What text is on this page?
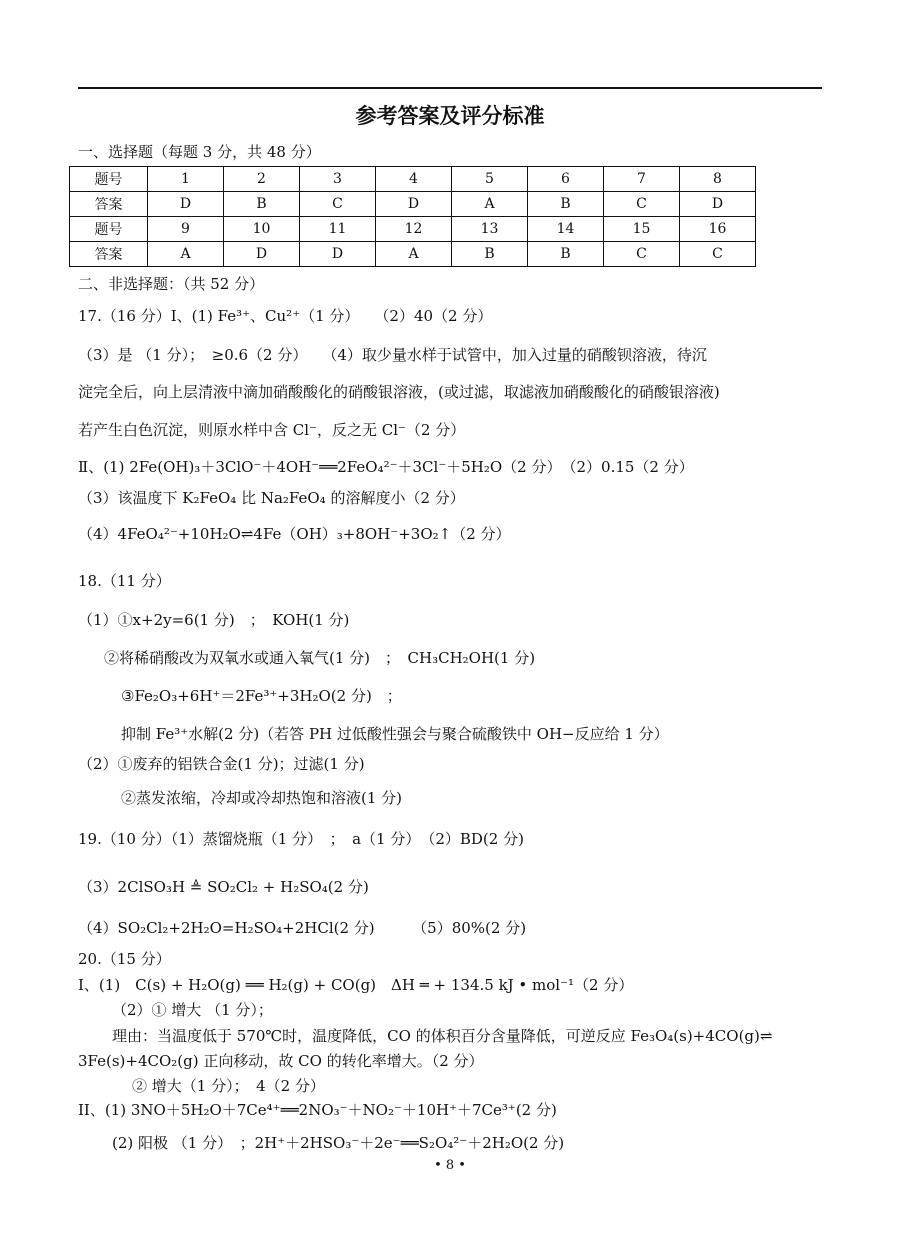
参考答案及评分标准
一、选择题（每题 3 分，共 48 分）
题号	1	2	3	4	5	6	7	8
答案	D	B	C	D	A	B	C	D
题号	9	10	11	12	13	14	15	16
答案	A	D	D	A	B	B	C	C
二、非选择题：（共 52 分）
17.（16 分）Ⅰ、(1) Fe³⁺、Cu²⁺（1 分）　　（2）40（2 分）
（3）是 （1 分）；　≥0.6（2 分）　　（4）取少量水样于试管中，加入过量的硝酸钡溶液，待沉
淀完全后，向上层清液中滴加硝酸酸化的硝酸银溶液，(或过滤，取滤液加硝酸酸化的硝酸银溶液)
若产生白色沉淀，则原水样中含 Cl⁻，反之无 Cl⁻（2 分）
Ⅱ、(1) 2Fe(OH)₃＋3ClO⁻＋4OH⁻══2FeO₄²⁻＋3Cl⁻＋5H₂O（2 分）　（2）0.15（2 分）
（3）该温度下 K₂FeO₄ 比 Na₂FeO₄ 的溶解度小（2 分）
（4）4FeO₄²⁻+10H₂O⇌4Fe（OH）₃+8OH⁻+3O₂↑（2 分）
18.（11 分）
（1）①x+2y=6(1 分)　；　KOH(1 分)
②将稀硝酸改为双氧水或通入氧气(1 分)　；　CH₃CH₂OH(1 分)
③Fe₂O₃+6H⁺＝2Fe³⁺+3H₂O(2 分)　；
抑制 Fe³⁺水解(2 分)（若答 PH 过低酸性强会与聚合硫酸铁中 OH−反应给 1 分）
（2）①废弃的铝铁合金(1 分)；过滤(1 分)
②蒸发浓缩，冷却或冷却热饱和溶液(1 分)
19.（10 分）（1）蒸馏烧瓶（1 分）　；　a（1 分）　（2）BD(2 分)
（3）2ClSO₃H ≜ SO₂Cl₂ + H₂SO₄(2 分)
（4）SO₂Cl₂+2H₂O=H₂SO₄+2HCl(2 分)　　　（5）80%(2 分)
20.（15 分）
I、(1)　C(s) + H₂O(g) ══ H₂(g) + CO(g)　ΔH ═ + 134.5 kJ • mol⁻¹（2 分）
（2）① 增大 （1 分）；
理由：当温度低于 570℃时，温度降低，CO 的体积百分含量降低，可逆反应 Fe₃O₄(s)+4CO(g)⇌
3Fe(s)+4CO₂(g) 正向移动，故 CO 的转化率增大。（2 分）
② 增大（1 分）；　4（2 分）
II、(1) 3NO＋5H₂O＋7Ce⁴⁺══2NO₃⁻＋NO₂⁻＋10H⁺＋7Ce³⁺(2 分)
(2) 阳极 （1 分）　；2H⁺＋2HSO₃⁻＋2e⁻══S₂O₄²⁻＋2H₂O(2 分)
• 8 •
